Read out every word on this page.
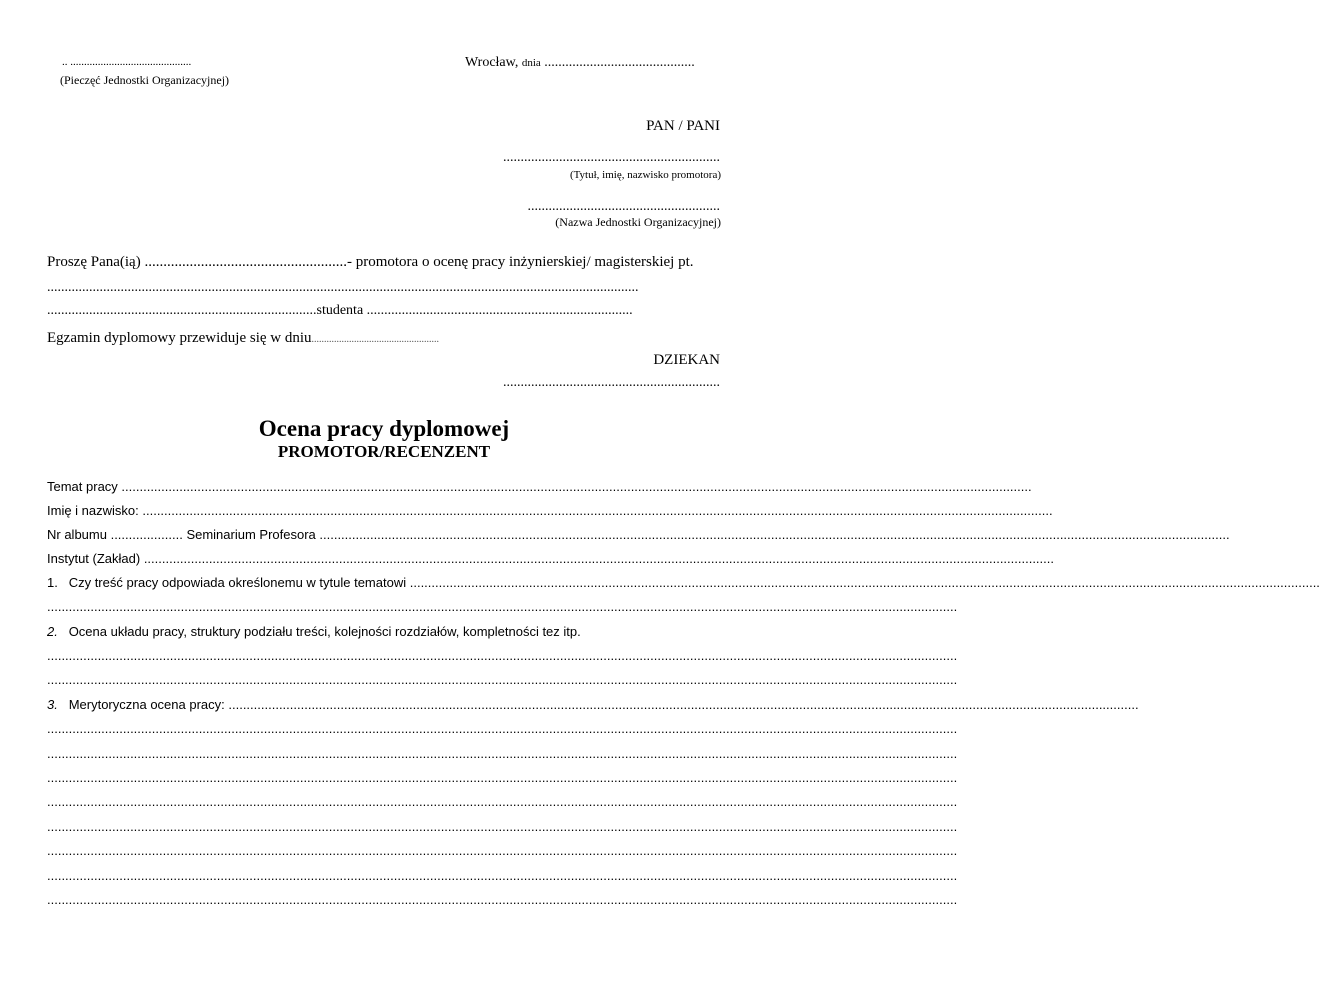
.. ............................................
(Pieczęć Jednostki Organizacyjnej)
Wrocław, dnia ...........................................
PAN / PANI
..............................................................
(Tytuł, imię, nazwisko promotora)
.......................................................
(Nazwa Jednostki Organizacyjnej)
Proszę Pana(ią) ......................................................- promotora o ocenę pracy inżynierskiej/ magisterskiej pt.
.........................................................................................................................................................................
.............................................................................studenta ............................................................................
Egzamin dyplomowy przewiduje się w dniu...................................................
DZIEKAN
..............................................................
Ocena pracy dyplomowej
PROMOTOR/RECENZENT
Temat pracy ............................................................................................................................................................................................................................................................
Imię i nazwisko: ............................................................................................................................................................................................................................................................
Nr albumu .................... Seminarium Profesora ............................................................................................................................................................................................................................................................
Instytut (Zakład) ............................................................................................................................................................................................................................................................
1. Czy treść pracy odpowiada określonemu w tytule tematowi ............................................................................................................................................................................................................................................................
............................................................................................................................................................................................................................................................
2. Ocena układu pracy, struktury podziału treści, kolejności rozdziałów, kompletności tez itp.
............................................................................................................................................................................................................................................................
............................................................................................................................................................................................................................................................
3. Merytoryczna ocena pracy: ............................................................................................................................................................................................................................................................
............................................................................................................................................................................................................................................................
............................................................................................................................................................................................................................................................
............................................................................................................................................................................................................................................................
............................................................................................................................................................................................................................................................
............................................................................................................................................................................................................................................................
............................................................................................................................................................................................................................................................
............................................................................................................................................................................................................................................................
............................................................................................................................................................................................................................................................
